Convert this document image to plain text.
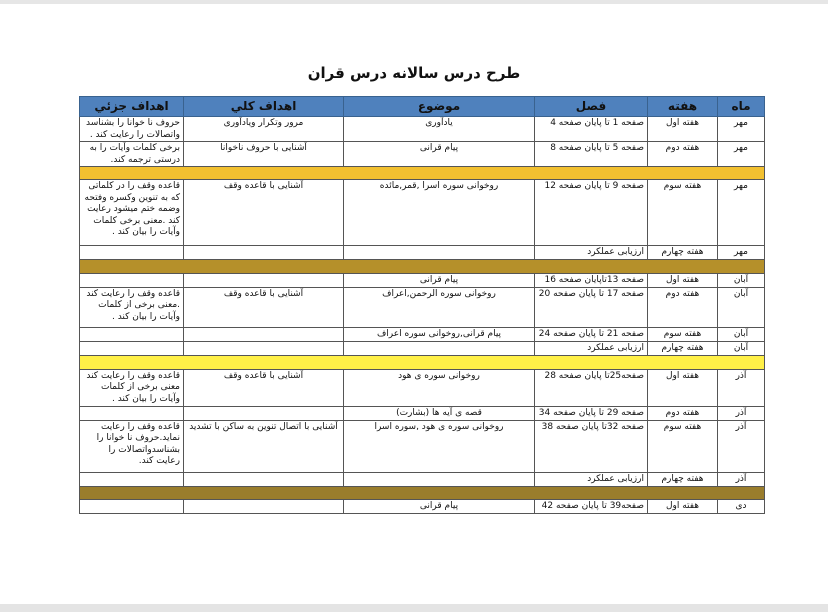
طرح درس سالانه درس قران
ماه	هفته	فصل	موضوع	اهداف کلي	اهداف جزئي
مهر	هفته اول	صفحه 1 تا پایان صفحه 4	یادآوری	مرور وتکرار ویادآوری	حروف نا خوانا را بشناسد واتصالات را رعایت کند .
مهر	هفته دوم	صفحه 5 تا پایان صفحه 8	پیام قرانی	آشنایی با حروف ناخوانا	برخی کلمات وآیات را به درستی ترجمه کند.

مهر	هفته سوم	صفحه 9 تا پایان صفحه 12	روخوانی سوره اسرا ,قمر,مائده	آشنایی با قاعده وقف	قاعده وقف را در کلماتی که به تنوین وکسره وفتحه وضمه ختم میشود رعایت کند .معنی برخی کلمات وآیات را بیان کند .
مهر	هفته چهارم	ارزیابی عملکرد			

آبان	هفته اول	صفحه 13تاپایان صفحه 16	پیام قرانی		
آبان	هفته دوم	صفحه 17 تا پایان صفحه 20	روخوانی سوره الرحمن,اعراف	آشنایی با قاعده وقف	قاعده وقف را رعایت کند .معنی برخی از کلمات وآیات را بیان کند .
آبان	هفته سوم	صفحه 21 تا پایان صفحه 24	پیام قرانی,روخوانی سوره اعراف		
آبان	هفته چهارم	ارزیابی عملکرد			

آذر	هفته اول	صفحه25تا پایان صفحه 28	روخوانی سوره ی هود	آشنایی با قاعده وقف	قاعده وقف را رعایت کند معنی برخی از کلمات وآیات را بیان کند .
آذر	هفته دوم	صفحه 29 تا پایان صفحه 34	قصه ی آیه ها (بشارت)		
آذر	هفته سوم	صفحه 32تا پایان صفحه 38	روخوانی سوره ی هود ,سوره اسرا	آشنایی با اتصال تنوین به ساکن با تشدید	قاعده وقف را رعایت نماید.حروف نا خوانا را بشناسدواتصالات را رعایت کند.
آذر	هفته چهارم	ارزیابی عملکرد			

دی	هفته اول	صفحه39 تا پایان صفحه 42	پیام قرانی		
